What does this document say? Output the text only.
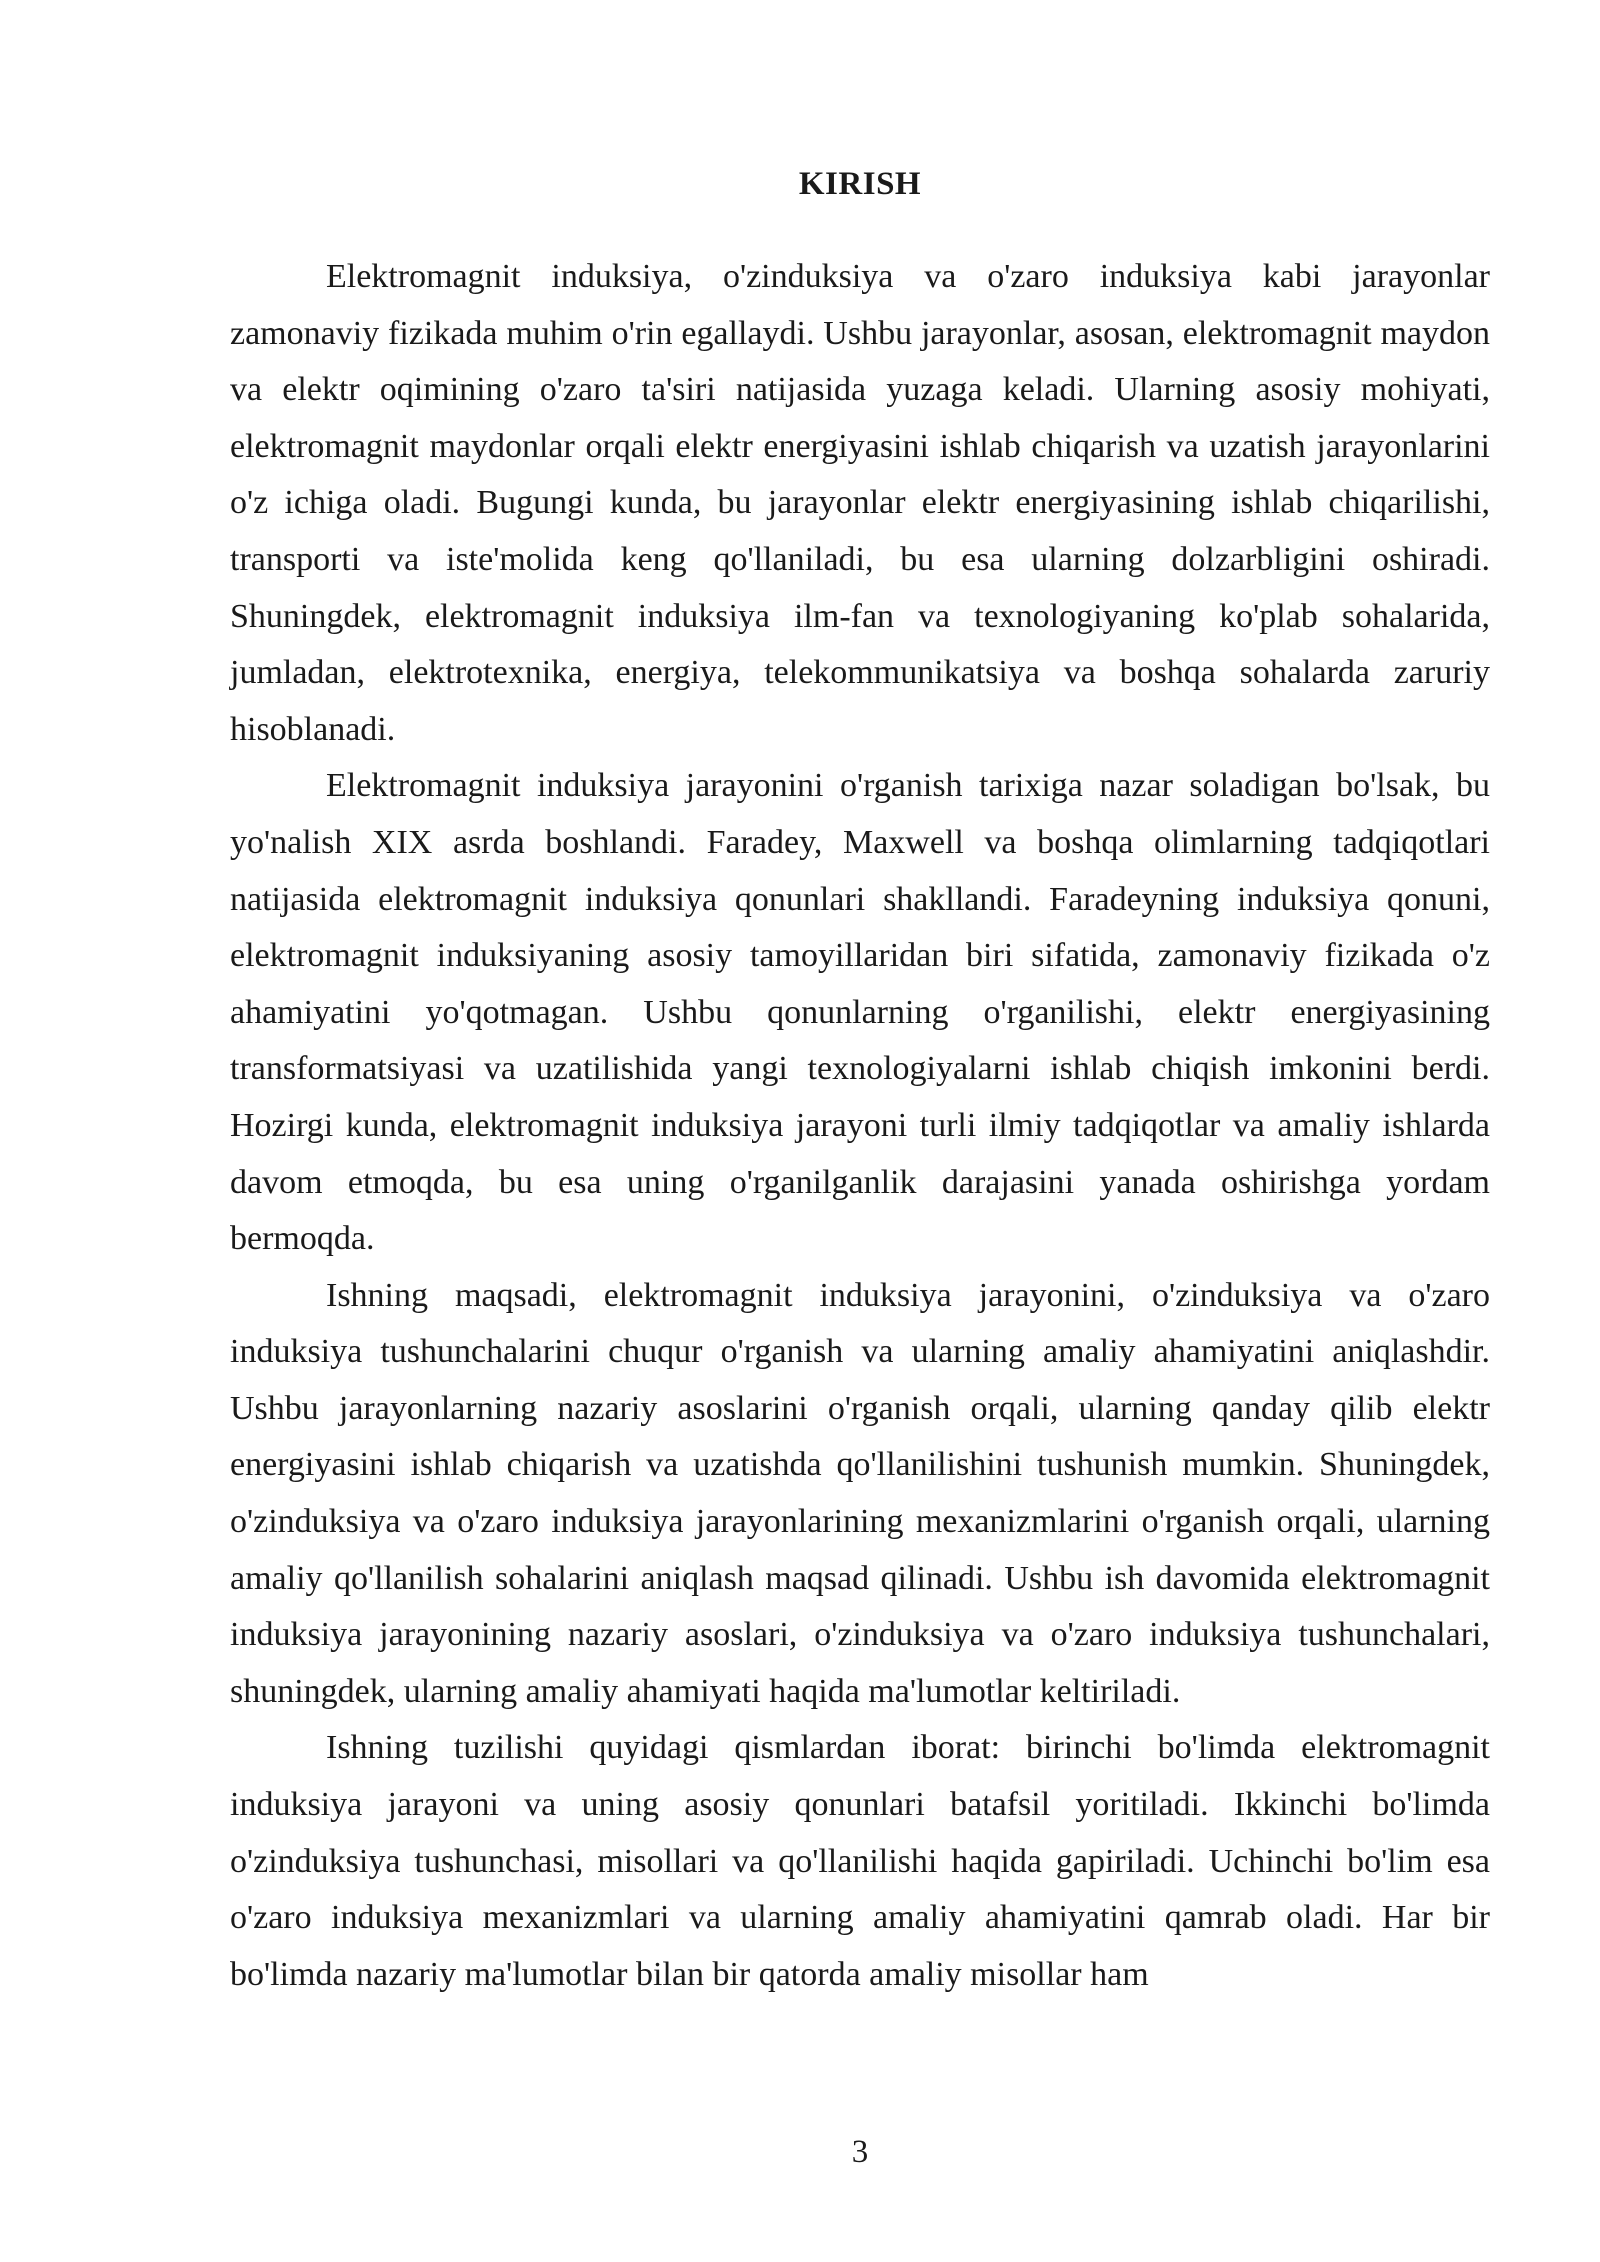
KIRISH

Elektromagnit induksiya, o'zinduksiya va o'zaro induksiya kabi jarayonlar zamonaviy fizikada muhim o'rin egallaydi. Ushbu jarayonlar, asosan, elektromagnit maydon va elektr oqimining o'zaro ta'siri natijasida yuzaga keladi. Ularning asosiy mohiyati, elektromagnit maydonlar orqali elektr energiyasini ishlab chiqarish va uzatish jarayonlarini o'z ichiga oladi. Bugungi kunda, bu jarayonlar elektr energiyasining ishlab chiqarilishi, transporti va iste'molida keng qo'llaniladi, bu esa ularning dolzarbligini oshiradi. Shuningdek, elektromagnit induksiya ilm-fan va texnologiyaning ko'plab sohalarida, jumladan, elektrotexnika, energiya, telekommunikatsiya va boshqa sohalarda zaruriy hisoblanadi.

Elektromagnit induksiya jarayonini o'rganish tarixiga nazar soladigan bo'lsak, bu yo'nalish XIX asrda boshlandi. Faradey, Maxwell va boshqa olimlarning tadqiqotlari natijasida elektromagnit induksiya qonunlari shakllandi. Faradeyning induksiya qonuni, elektromagnit induksiyaning asosiy tamoyillaridan biri sifatida, zamonaviy fizikada o'z ahamiyatini yo'qotmagan. Ushbu qonunlarning o'rganilishi, elektr energiyasining transformatsiyasi va uzatilishida yangi texnologiyalarni ishlab chiqish imkonini berdi. Hozirgi kunda, elektromagnit induksiya jarayoni turli ilmiy tadqiqotlar va amaliy ishlarda davom etmoqda, bu esa uning o'rganilganlik darajasini yanada oshirishga yordam bermoqda.

Ishning maqsadi, elektromagnit induksiya jarayonini, o'zinduksiya va o'zaro induksiya tushunchalarini chuqur o'rganish va ularning amaliy ahamiyatini aniqlashdir. Ushbu jarayonlarning nazariy asoslarini o'rganish orqali, ularning qanday qilib elektr energiyasini ishlab chiqarish va uzatishda qo'llanilishini tushunish mumkin. Shuningdek, o'zinduksiya va o'zaro induksiya jarayonlarining mexanizmlarini o'rganish orqali, ularning amaliy qo'llanilish sohalarini aniqlash maqsad qilinadi. Ushbu ish davomida elektromagnit induksiya jarayonining nazariy asoslari, o'zinduksiya va o'zaro induksiya tushunchalari, shuningdek, ularning amaliy ahamiyati haqida ma'lumotlar keltiriladi.

Ishning tuzilishi quyidagi qismlardan iborat: birinchi bo'limda elektromagnit induksiya jarayoni va uning asosiy qonunlari batafsil yoritiladi. Ikkinchi bo'limda o'zinduksiya tushunchasi, misollari va qo'llanilishi haqida gapiriladi. Uchinchi bo'lim esa o'zaro induksiya mexanizmlari va ularning amaliy ahamiyatini qamrab oladi. Har bir bo'limda nazariy ma'lumotlar bilan bir qatorda amaliy misollar ham

3
